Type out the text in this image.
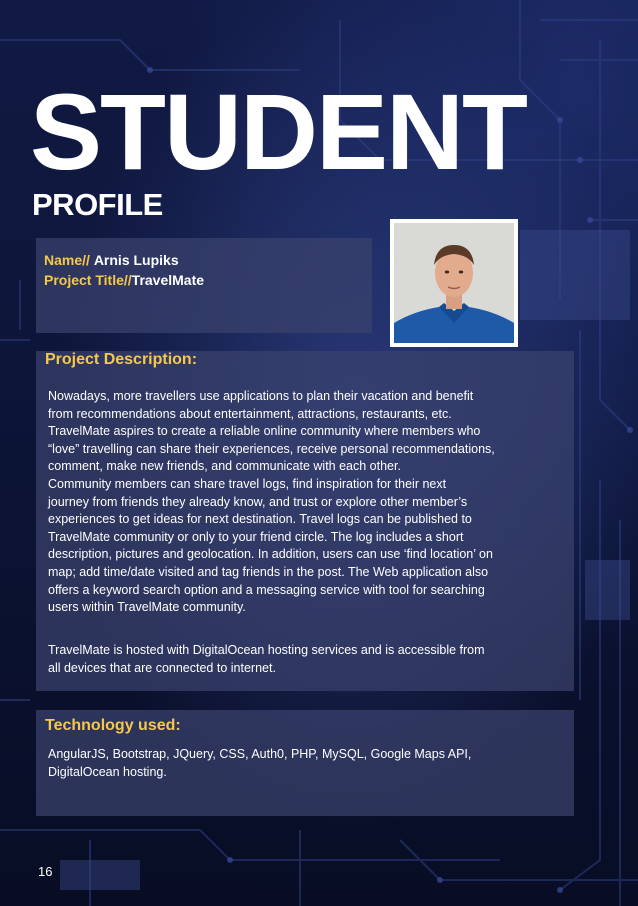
STUDENT
PROFILE
Name// Arnis Lupiks
Project Title//TravelMate
Project Description:

Nowadays, more travellers use applications to plan their vacation and benefit

from recommendations about entertainment, attractions, restaurants, etc.

TravelMate aspires to create a reliable online community where members who

“love” travelling can share their experiences, receive personal recommendations,

comment, make new friends, and communicate with each other.

Community members can share travel logs, find inspiration for their next

journey from friends they already know, and trust or explore other member’s

experiences to get ideas for next destination. Travel logs can be published to

TravelMate community or only to your friend circle. The log includes a short

description, pictures and geolocation. In addition, users can use ‘find location’ on

map; add time/date visited and tag friends in the post. The Web application also

offers a keyword search option and a messaging service with tool for searching

users within TravelMate community.

TravelMate is hosted with DigitalOcean hosting services and is accessible from

all devices that are connected to internet.

Technology used:

AngularJS, Bootstrap, JQuery, CSS, Auth0, PHP, MySQL, Google Maps API,

DigitalOcean hosting.

16
